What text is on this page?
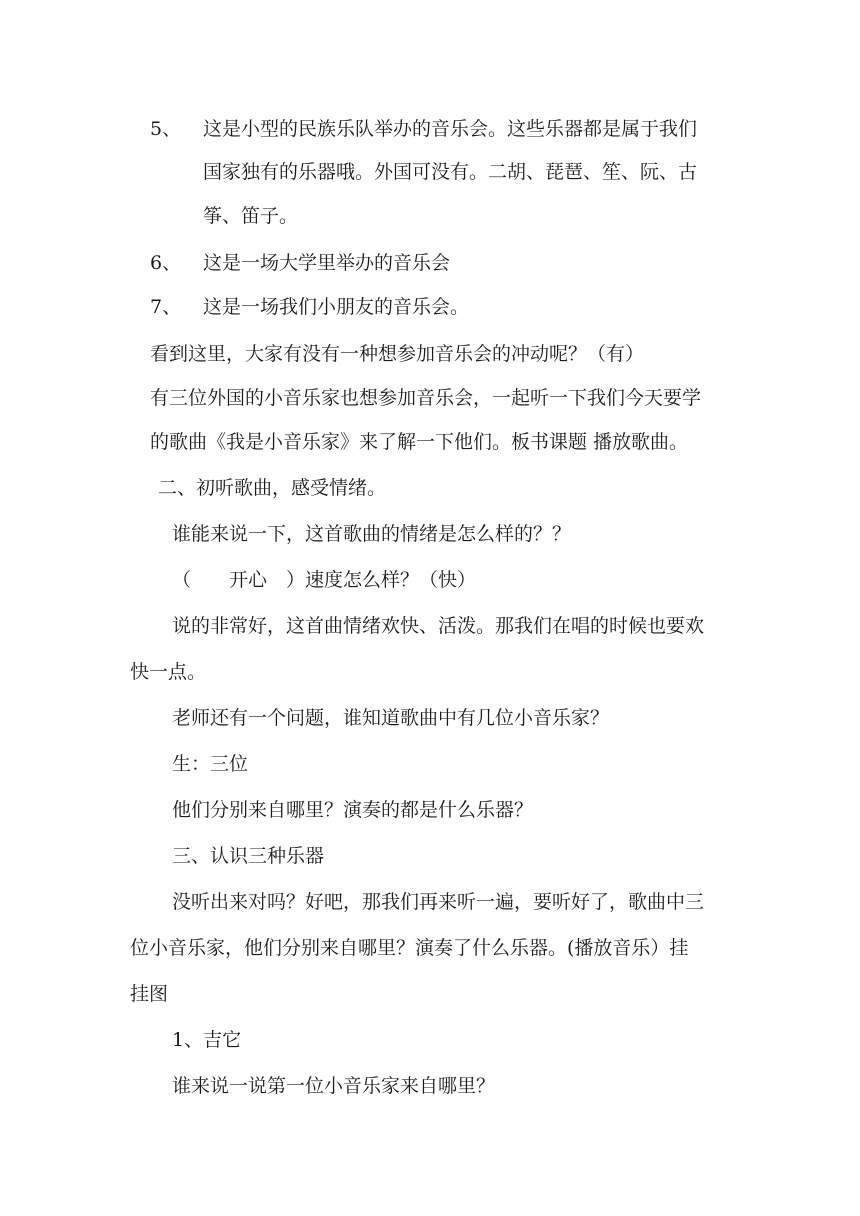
5、 这是小型的民族乐队举办的音乐会。这些乐器都是属于我们
国家独有的乐器哦。外国可没有。二胡、琵琶、笙、阮、古
筝、笛子。
6、 这是一场大学里举办的音乐会
7、 这是一场我们小朋友的音乐会。
看到这里，大家有没有一种想参加音乐会的冲动呢？（有）
有三位外国的小音乐家也想参加音乐会，一起听一下我们今天要学
的歌曲《我是小音乐家》来了解一下他们。板书课题 播放歌曲。
二、初听歌曲，感受情绪。
谁能来说一下，这首歌曲的情绪是怎么样的？？
（　　开心　）速度怎么样？（快）
说的非常好，这首曲情绪欢快、活泼。那我们在唱的时候也要欢
快一点。
老师还有一个问题，谁知道歌曲中有几位小音乐家？
生：三位
他们分别来自哪里？演奏的都是什么乐器？
三、认识三种乐器
没听出来对吗？好吧，那我们再来听一遍，要听好了，歌曲中三
位小音乐家，他们分别来自哪里？演奏了什么乐器。(播放音乐）挂
挂图
1、吉它
谁来说一说第一位小音乐家来自哪里？
